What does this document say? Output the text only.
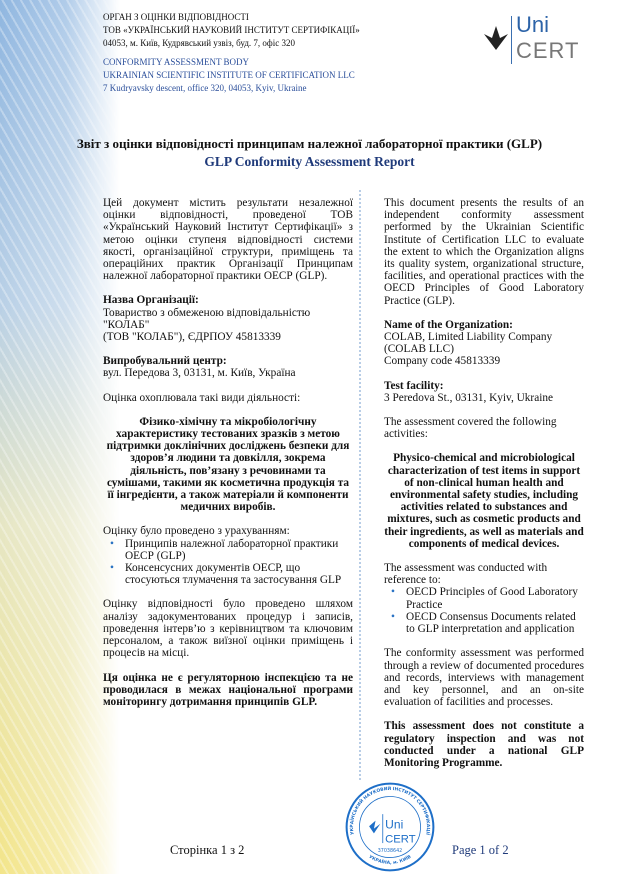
ОРГАН З ОЦІНКИ ВІДПОВІДНОСТІ
ТОВ «УКРАЇНСЬКИЙ НАУКОВИЙ ІНСТИТУТ СЕРТИФІКАЦІЇ»
04053, м. Київ, Кудрявський узвіз, буд. 7, офіс 320
CONFORMITY ASSESSMENT BODY
UKRAINIAN SCIENTIFIC INSTITUTE OF CERTIFICATION LLC
7 Kudryavsky descent, office 320, 04053, Kyiv, Ukraine
Uni
CERT
Звіт з оцінки відповідності принципам належної лабораторної практики (GLP)
GLP Conformity Assessment Report
Цей документ містить результати незалежної оцінки відповідності, проведеної ТОВ «Український Науковий Інститут Сертифікації» з метою оцінки ступеня відповідності системи якості, організаційної структури, приміщень та операційних практик Організації Принципам належної лабораторної практики ОЕСР (GLP).
Назва Організації:
Товариство з обмеженою відповідальністю
"КОЛАБ"
(ТОВ "КОЛАБ"), ЄДРПОУ 45813339
Випробувальний центр:
вул. Передова 3, 03131, м. Київ, Україна
Оцінка охоплювала такі види діяльності:
Фізико-хімічну та мікробіологічну характеристику тестованих зразків з метою підтримки доклінічних досліджень безпеки для здоров’я людини та довкілля, зокрема діяльність, пов’язану з речовинами та сумішами, такими як косметична продукція та її інгредієнти, а також матеріали й компоненти медичних виробів.
Оцінку було проведено з урахуванням:
• Принципів належної лабораторної практики ОЕСР (GLP)
• Консенсусних документів ОЕСР, що стосуються тлумачення та застосування GLP
Оцінку відповідності було проведено шляхом аналізу задокументованих процедур і записів, проведення інтерв’ю з керівництвом та ключовим персоналом, а також виїзної оцінки приміщень і процесів на місці.
Ця оцінка не є регуляторною інспекцією та не проводилася в межах національної програми моніторингу дотримання принципів GLP.
This document presents the results of an independent conformity assessment performed by the Ukrainian Scientific Institute of Certification LLC to evaluate the extent to which the Organization aligns its quality system, organizational structure, facilities, and operational practices with the OECD Principles of Good Laboratory Practice (GLP).
Name of the Organization:
COLAB, Limited Liability Company
(COLAB LLC)
Company code 45813339
Test facility:
3 Peredova St., 03131, Kyiv, Ukraine
The assessment covered the following activities:
Physico-chemical and microbiological characterization of test items in support of non-clinical human health and environmental safety studies, including activities related to substances and mixtures, such as cosmetic products and their ingredients, as well as materials and components of medical devices.
The assessment was conducted with reference to:
• OECD Principles of Good Laboratory Practice
• OECD Consensus Documents related to GLP interpretation and application
The conformity assessment was performed through a review of documented procedures and records, interviews with management and key personnel, and an on-site evaluation of facilities and processes.
This assessment does not constitute a regulatory inspection and was not conducted under a national GLP Monitoring Programme.
Сторінка 1 з 2	Page 1 of 2
УКРАЇНСЬКИЙ НАУКОВИЙ ІНСТИТУТ СЕРТИФІКАЦІЇ
УКРАЇНА, м. КИЇВ
Uni
CERT
37038642
